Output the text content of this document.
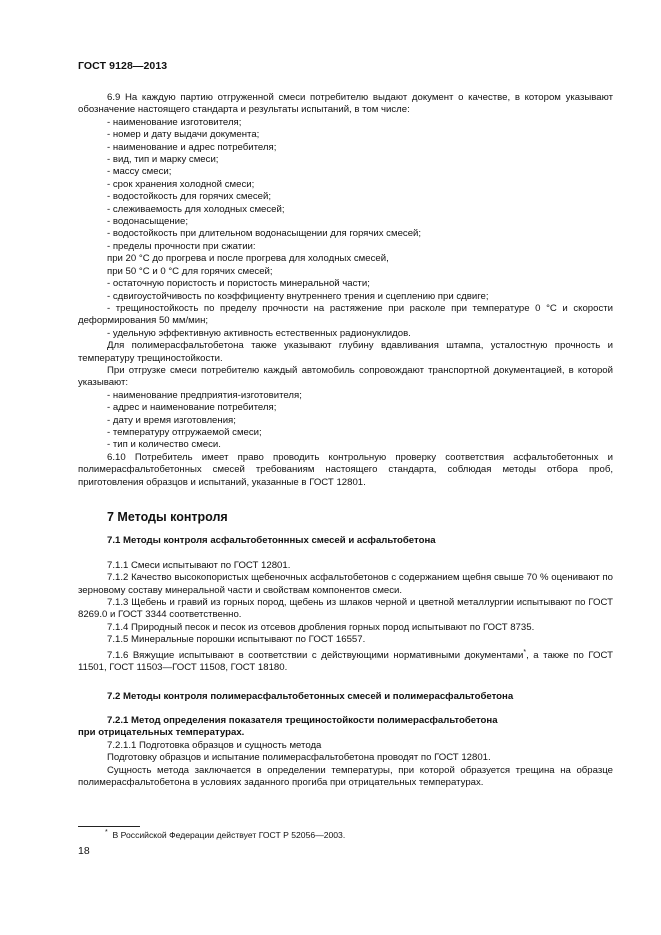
ГОСТ 9128—2013

6.9 На каждую партию отгруженной смеси потребителю выдают документ о качестве, в котором указывают обозначение настоящего стандарта и результаты испытаний, в том числе:

- наименование изготовителя;

- номер и дату выдачи документа;

- наименование и адрес потребителя;

- вид, тип и марку смеси;

- массу смеси;

- срок хранения холодной смеси;

- водостойкость для горячих смесей;

- слеживаемость для холодных смесей;

- водонасыщение;

- водостойкость при длительном водонасыщении для горячих смесей;

- пределы прочности при сжатии:

при 20 °С до прогрева и после прогрева для холодных смесей,

при 50 °С и 0 °С для горячих смесей;

- остаточную пористость и пористость минеральной части;

- сдвигоустойчивость по коэффициенту внутреннего трения и сцеплению при сдвиге;

- трещиностойкость по пределу прочности на растяжение при расколе при температуре 0 °С и скорости деформирования 50 мм/мин;

- удельную эффективную активность естественных радионуклидов.

Для полимерасфальтобетона также указывают глубину вдавливания штампа, усталостную прочность и температуру трещиностойкости.

При отгрузке смеси потребителю каждый автомобиль сопровождают транспортной документацией, в которой указывают:

- наименование предприятия-изготовителя;

- адрес и наименование потребителя;

- дату и время изготовления;

- температуру отгружаемой смеси;

- тип и количество смеси.

6.10 Потребитель имеет право проводить контрольную проверку соответствия асфальтобетонных и полимерасфальтобетонных смесей требованиям настоящего стандарта, соблюдая методы отбора проб, приготовления образцов и испытаний, указанные в ГОСТ 12801.

7 Методы контроля
7.1 Методы контроля асфальтобетоннных смесей и асфальтобетона

7.1.1 Смеси испытывают по ГОСТ 12801.

7.1.2 Качество высокопористых щебеночных асфальтобетонов с содержанием щебня свыше 70 % оценивают по зерновому составу минеральной части и свойствам компонентов смеси.

7.1.3 Щебень и гравий из горных пород, щебень из шлаков черной и цветной металлургии испытывают по ГОСТ 8269.0 и ГОСТ 3344 соответственно.

7.1.4 Природный песок и песок из отсевов дробления горных пород испытывают по ГОСТ 8735.

7.1.5 Минеральные порошки испытывают по ГОСТ 16557.

7.1.6 Вяжущие испытывают в соответствии с действующими нормативными документами*, а также по ГОСТ 11501, ГОСТ 11503—ГОСТ 11508, ГОСТ 18180.

7.2 Методы контроля полимерасфальтобетонных смесей и полимерасфальтобетона

7.2.1 Метод определения показателя трещиностойкости полимерасфальтобетона

при отрицательных температурах.

7.2.1.1 Подготовка образцов и сущность метода

Подготовку образцов и испытание полимерасфальтобетона проводят по ГОСТ 12801.

Сущность метода заключается в определении температуры, при которой образуется трещина на образце полимерасфальтобетона в условиях заданного прогиба при отрицательных температурах.

* В Российской Федерации действует ГОСТ Р 52056—2003.
18
